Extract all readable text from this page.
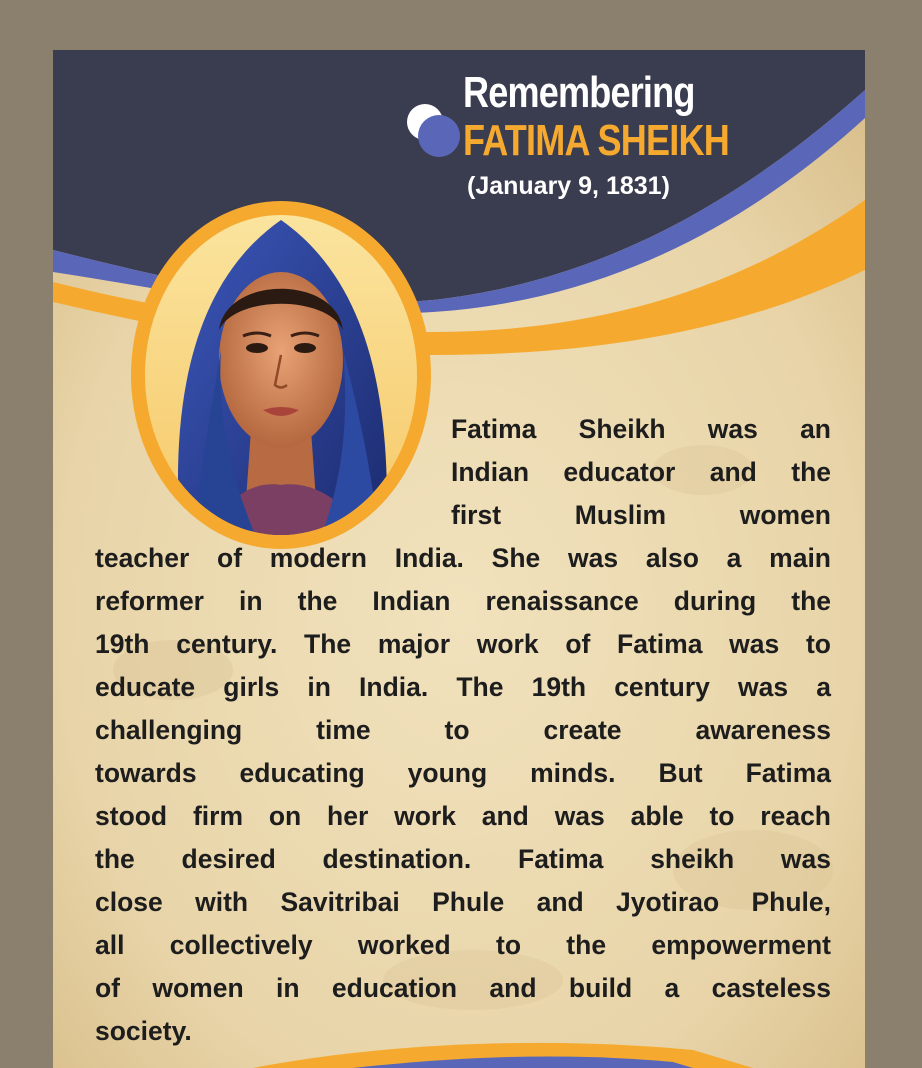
Remembering
FATIMA SHEIKH
(January 9, 1831)
Fatima Sheikh was an
Indian educator and the
first Muslim women
teacher of modern India. She was also a main
reformer in the Indian renaissance during the
19th century. The major work of Fatima was to
educate girls in India. The 19th century was a
challenging time to create awareness
towards educating young minds. But Fatima
stood firm on her work and was able to reach
the desired destination. Fatima sheikh was
close with Savitribai Phule and Jyotirao Phule,
all collectively worked to the empowerment
of women in education and build a casteless
society.
